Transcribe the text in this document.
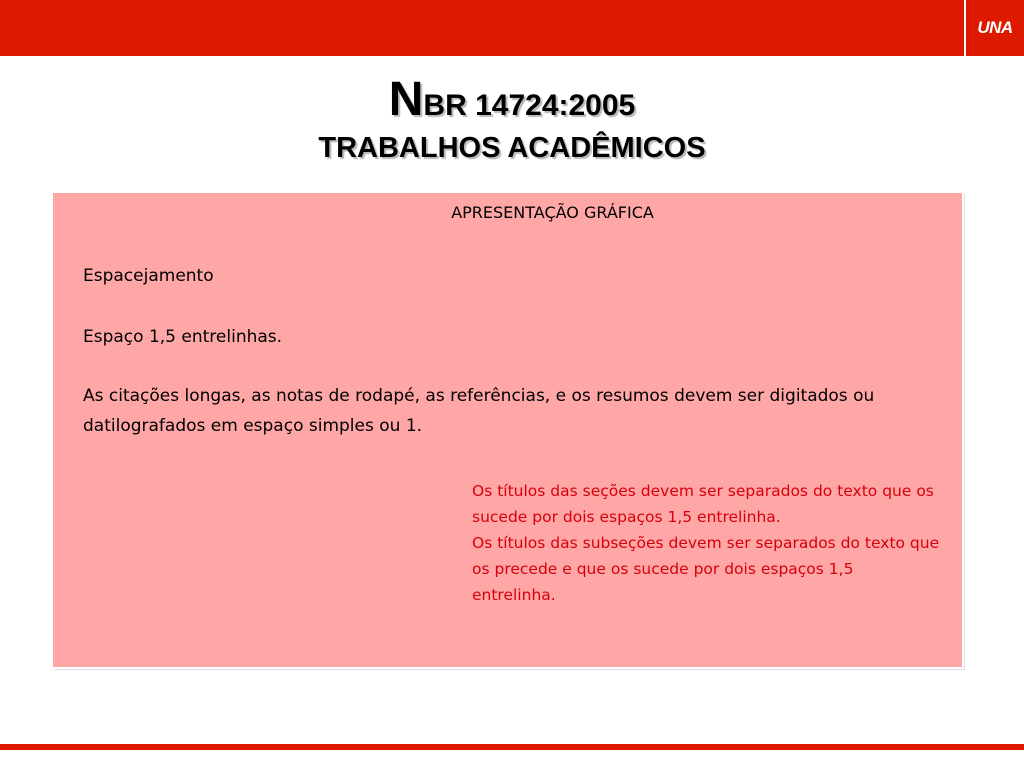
UNA
NBR 14724:2005
TRABALHOS ACADÊMICOS
APRESENTAÇÃO GRÁFICA
Espacejamento
Espaço 1,5 entrelinhas.
As citações longas, as notas de rodapé, as referências, e os resumos devem ser digitados ou datilografados em espaço simples ou 1.

Os títulos das seções devem ser separados do texto que os sucede por dois espaços 1,5 entrelinha.

Os títulos das subseções devem ser separados do texto que os precede e que os sucede por dois espaços 1,5 entrelinha.
